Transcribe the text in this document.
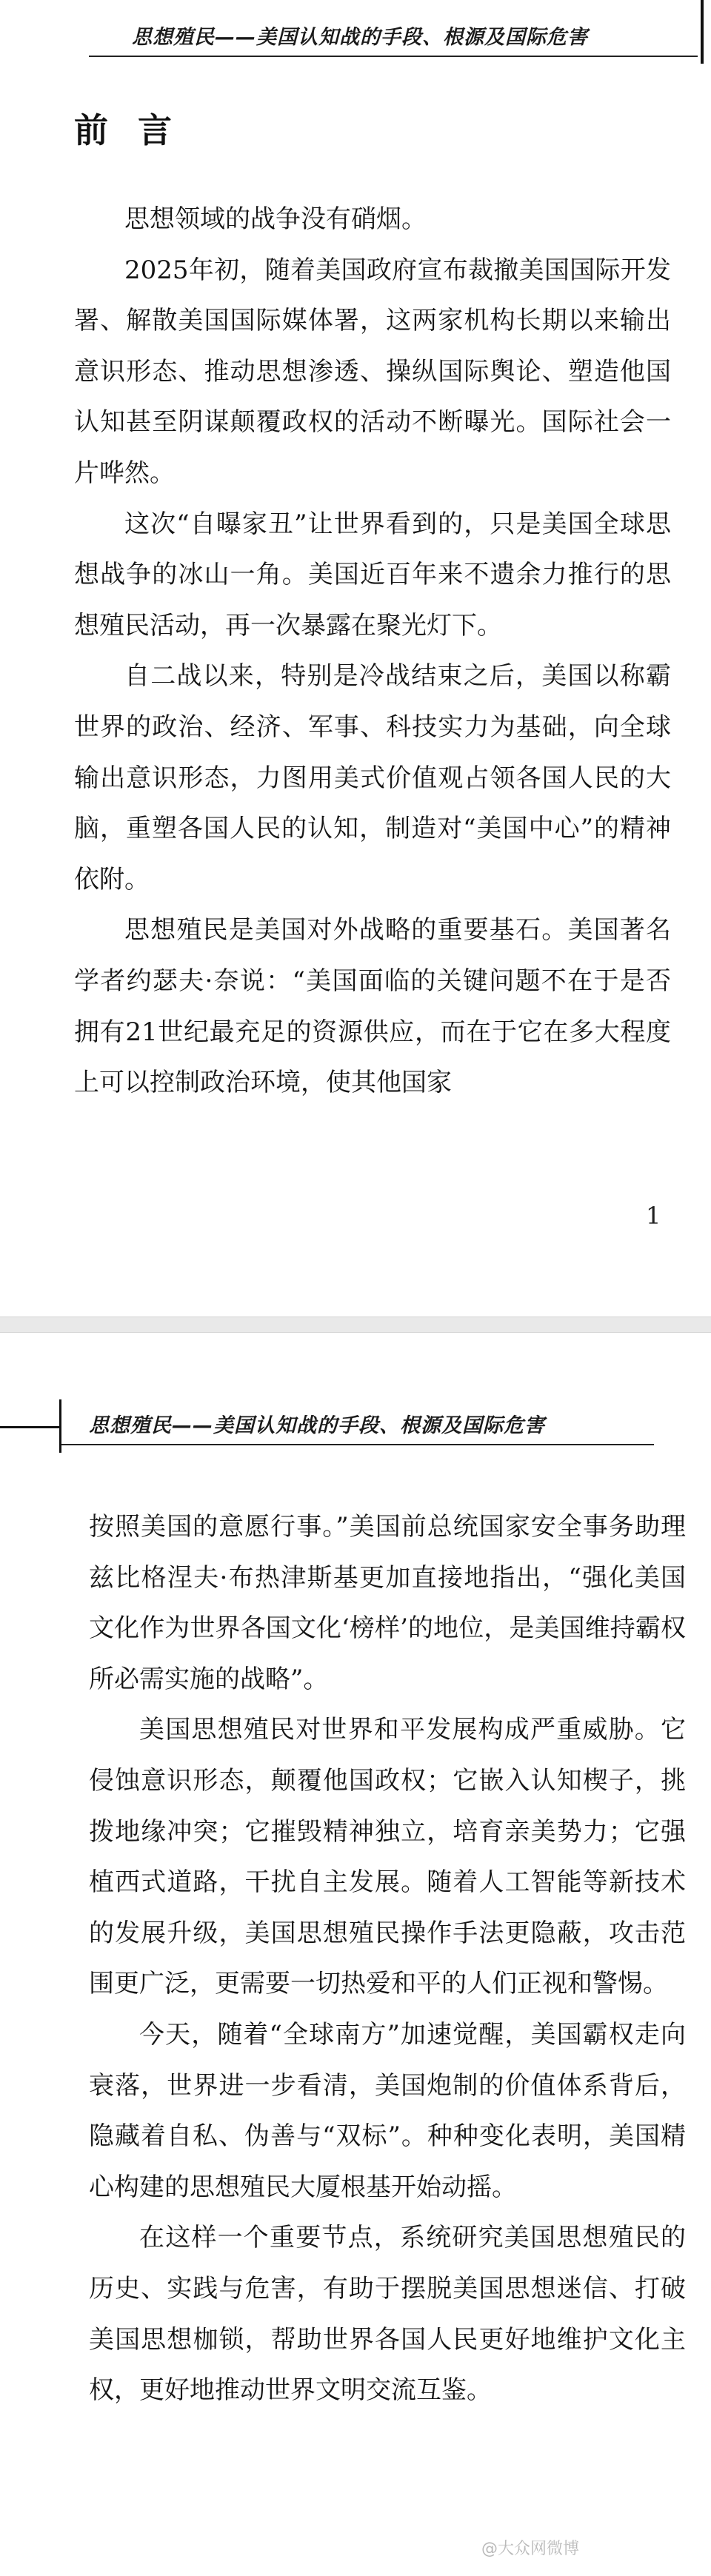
思想殖民——美国认知战的手段、根源及国际危害
前言

思想领域的战争没有硝烟。

2025年初，随着美国政府宣布裁撤美国国际开发署、解散美国国际媒体署，这两家机构长期以来输出意识形态、推动思想渗透、操纵国际舆论、塑造他国认知甚至阴谋颠覆政权的活动不断曝光。国际社会一片哗然。

这次“自曝家丑”让世界看到的，只是美国全球思想战争的冰山一角。美国近百年来不遗余力推行的思想殖民活动，再一次暴露在聚光灯下。

自二战以来，特别是冷战结束之后，美国以称霸世界的政治、经济、军事、科技实力为基础，向全球输出意识形态，力图用美式价值观占领各国人民的大脑，重塑各国人民的认知，制造对“美国中心”的精神依附。

思想殖民是美国对外战略的重要基石。美国著名学者约瑟夫·奈说：“美国面临的关键问题不在于是否拥有21世纪最充足的资源供应，而在于它在多大程度上可以控制政治环境，使其他国家

1
思想殖民——美国认知战的手段、根源及国际危害

按照美国的意愿行事。”美国前总统国家安全事务助理兹比格涅夫·布热津斯基更加直接地指出，“强化美国文化作为世界各国文化‘榜样’的地位，是美国维持霸权所必需实施的战略”。

美国思想殖民对世界和平发展构成严重威胁。它侵蚀意识形态，颠覆他国政权；它嵌入认知楔子，挑拨地缘冲突；它摧毁精神独立，培育亲美势力；它强植西式道路，干扰自主发展。随着人工智能等新技术的发展升级，美国思想殖民操作手法更隐蔽，攻击范围更广泛，更需要一切热爱和平的人们正视和警惕。

今天，随着“全球南方”加速觉醒，美国霸权走向衰落，世界进一步看清，美国炮制的价值体系背后，隐藏着自私、伪善与“双标”。种种变化表明，美国精心构建的思想殖民大厦根基开始动摇。

在这样一个重要节点，系统研究美国思想殖民的历史、实践与危害，有助于摆脱美国思想迷信、打破美国思想枷锁，帮助世界各国人民更好地维护文化主权，更好地推动世界文明交流互鉴。

@大众网微博
